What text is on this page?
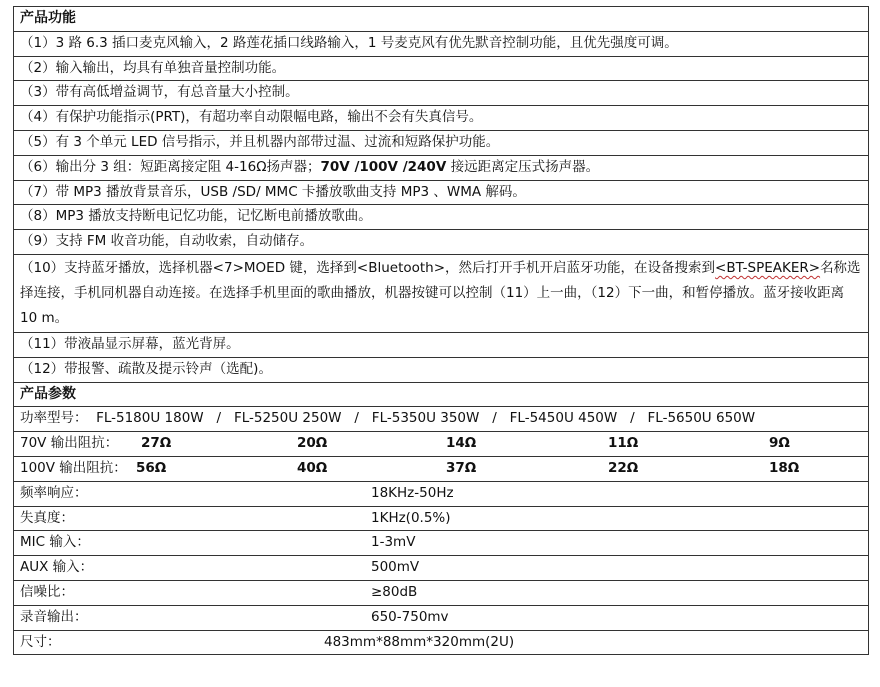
产品功能
（1）3 路 6.3 插口麦克风输入，2 路莲花插口线路输入，1 号麦克风有优先默音控制功能，且优先强度可调。
（2）输入输出，均具有单独音量控制功能。
（3）带有高低增益调节，有总音量大小控制。
（4）有保护功能指示(PRT)，有超功率自动限幅电路，输出不会有失真信号。
（5）有 3 个单元 LED 信号指示，并且机器内部带过温、过流和短路保护功能。
（6）输出分 3 组：短距离接定阻 4-16Ω扬声器；70V /100V /240V 接远距离定压式扬声器。
（7）带 MP3 播放背景音乐，USB /SD/ MMC 卡播放歌曲支持 MP3 、WMA 解码。
（8）MP3 播放支持断电记忆功能，记忆断电前播放歌曲。
（9）支持 FM 收音功能，自动收索，自动储存。
（10）支持蓝牙播放，选择机器<7>MOED 键，选择到<Bluetooth>，然后打开手机开启蓝牙功能，在设备搜索到<BT-SPEAKER>名称选择连接，手机同机器自动连接。在选择手机里面的歌曲播放，机器按键可以控制（11）上一曲，（12）下一曲，和暂停播放。蓝牙接收距离 10 m。
（11）带液晶显示屏幕，蓝光背屏。
（12）带报警、疏散及提示铃声（选配)。
产品参数
功率型号：  FL-5180U 180W   /   FL-5250U 250W   /   FL-5350U 350W   /   FL-5450U 450W   /   FL-5650U 650W

70V 输出阻抗： 27Ω	20Ω	14Ω	11Ω	9Ω

100V 输出阻抗： 56Ω	40Ω	37Ω	22Ω	18Ω

频率响应：	18KHz-50Hz

失真度：	1KHz(0.5%)

MIC 输入：	1-3mV

AUX 输入：	500mV

信噪比：	≥80dB

录音输出：	650-750mv

尺寸：	483mm*88mm*320mm(2U)
